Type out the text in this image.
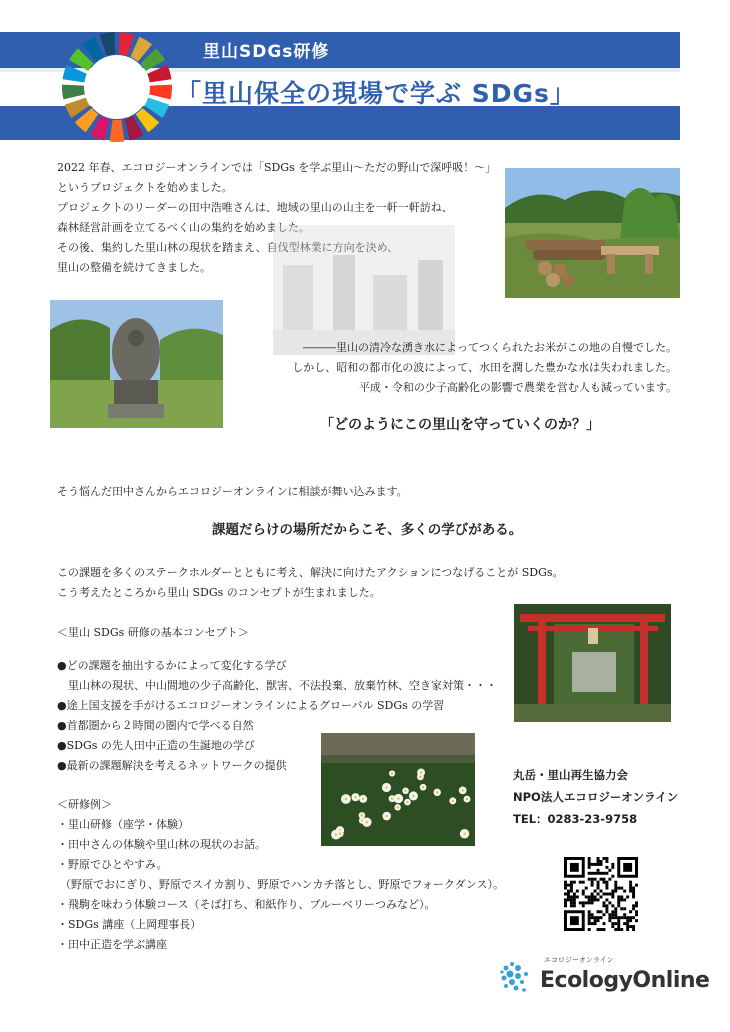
里山SDGs研修
「里山保全の現場で学ぶ SDGs」
2022 年春、エコロジーオンラインでは「SDGs を学ぶ里山～ただの野山で深呼吸！～」
というプロジェクトを始めました。
プロジェクトのリーダーの田中浩唯さんは、地域の里山の山主を一軒一軒訪ね、
森林経営計画を立てるべく山の集約を始めました。
その後、集約した里山林の現状を踏まえ、自伐型林業に方向を決め、
里山の整備を続けてきました。
―――里山の清冷な湧き水によってつくられたお米がこの地の自慢でした。
しかし、昭和の都市化の波によって、水田を潤した豊かな水は失われました。
平成・令和の少子高齢化の影響で農業を営む人も減っています。
「どのようにこの里山を守っていくのか？」
そう悩んだ田中さんからエコロジーオンラインに相談が舞い込みます。
課題だらけの場所だからこそ、多くの学びがある。
この課題を多くのステークホルダーとともに考え、解決に向けたアクションにつなげることが SDGs。
こう考えたところから里山 SDGs のコンセプトが生まれました。
＜里山 SDGs 研修の基本コンセプト＞
●どの課題を抽出するかによって変化する学び
　里山林の現状、中山間地の少子高齢化、獣害、不法投棄、放棄竹林、空き家対策・・・
●途上国支援を手がけるエコロジーオンラインによるグローバル SDGs の学習
●首都圏から２時間の圏内で学べる自然
●SDGs の先人田中正造の生誕地の学び
●最新の課題解決を考えるネットワークの提供
丸岳・里山再生協力会
NPO法人エコロジーオンライン
TEL：0283-23-9758
＜研修例＞
・里山研修（座学・体験）
・田中さんの体験や里山林の現状のお話。
・野原でひとやすみ。
（野原でおにぎり、野原でスイカ割り、野原でハンカチ落とし、野原でフォークダンス）。
・飛駒を味わう体験コース（そば打ち、和紙作り、ブルーベリーつみなど）。
・SDGs 講座（上岡理事長）
・田中正造を学ぶ講座
エコロジーオンライン
EcologyOnline
